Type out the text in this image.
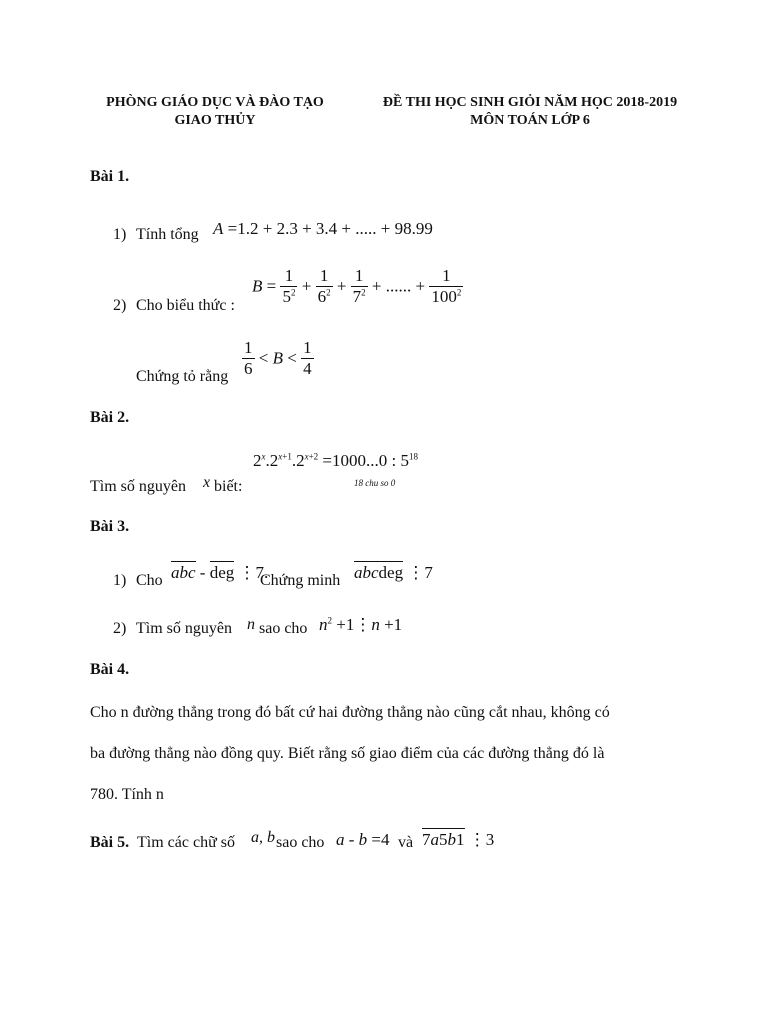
PHÒNG GIÁO DỤC VÀ ĐÀO TẠO
GIAO THỦY
ĐỀ THI HỌC SINH GIỎI NĂM HỌC 2018-2019
MÔN TOÁN LỚP 6
Bài 1.
1) Tính tổng A =1.2 + 2.3 + 3.4 + ..... + 98.99
2) Cho biểu thức :
$B = \frac{1}{5^2} + \frac{1}{6^2} + \frac{1}{7^2}$ + ...... + $\frac{1}{100^2}$
Chứng tỏ rằng $\frac{1}{6} < B < \frac{1}{4}$
Bài 2.
$2^x.2^{x+1}.2^{x+2} =1000...0$ : $5^{18}$
18 chu so 0
Tìm số nguyên x biết:
Bài 3.
1) Cho abc - deg ⋮7.
Chứng minh abcdeg ⋮7
2) Tìm số nguyên n sao cho $n^2$ +1⋮n +1
Bài 4.
Cho n đường thẳng trong đó bất cứ hai đường thẳng nào cũng cắt nhau, không có
ba đường thẳng nào đồng quy. Biết rằng số giao điểm của các đường thẳng đó là
780. Tính n
Bài 5. Tìm các chữ số a, b sao cho a - b =4 và 7a5b1 ⋮3
